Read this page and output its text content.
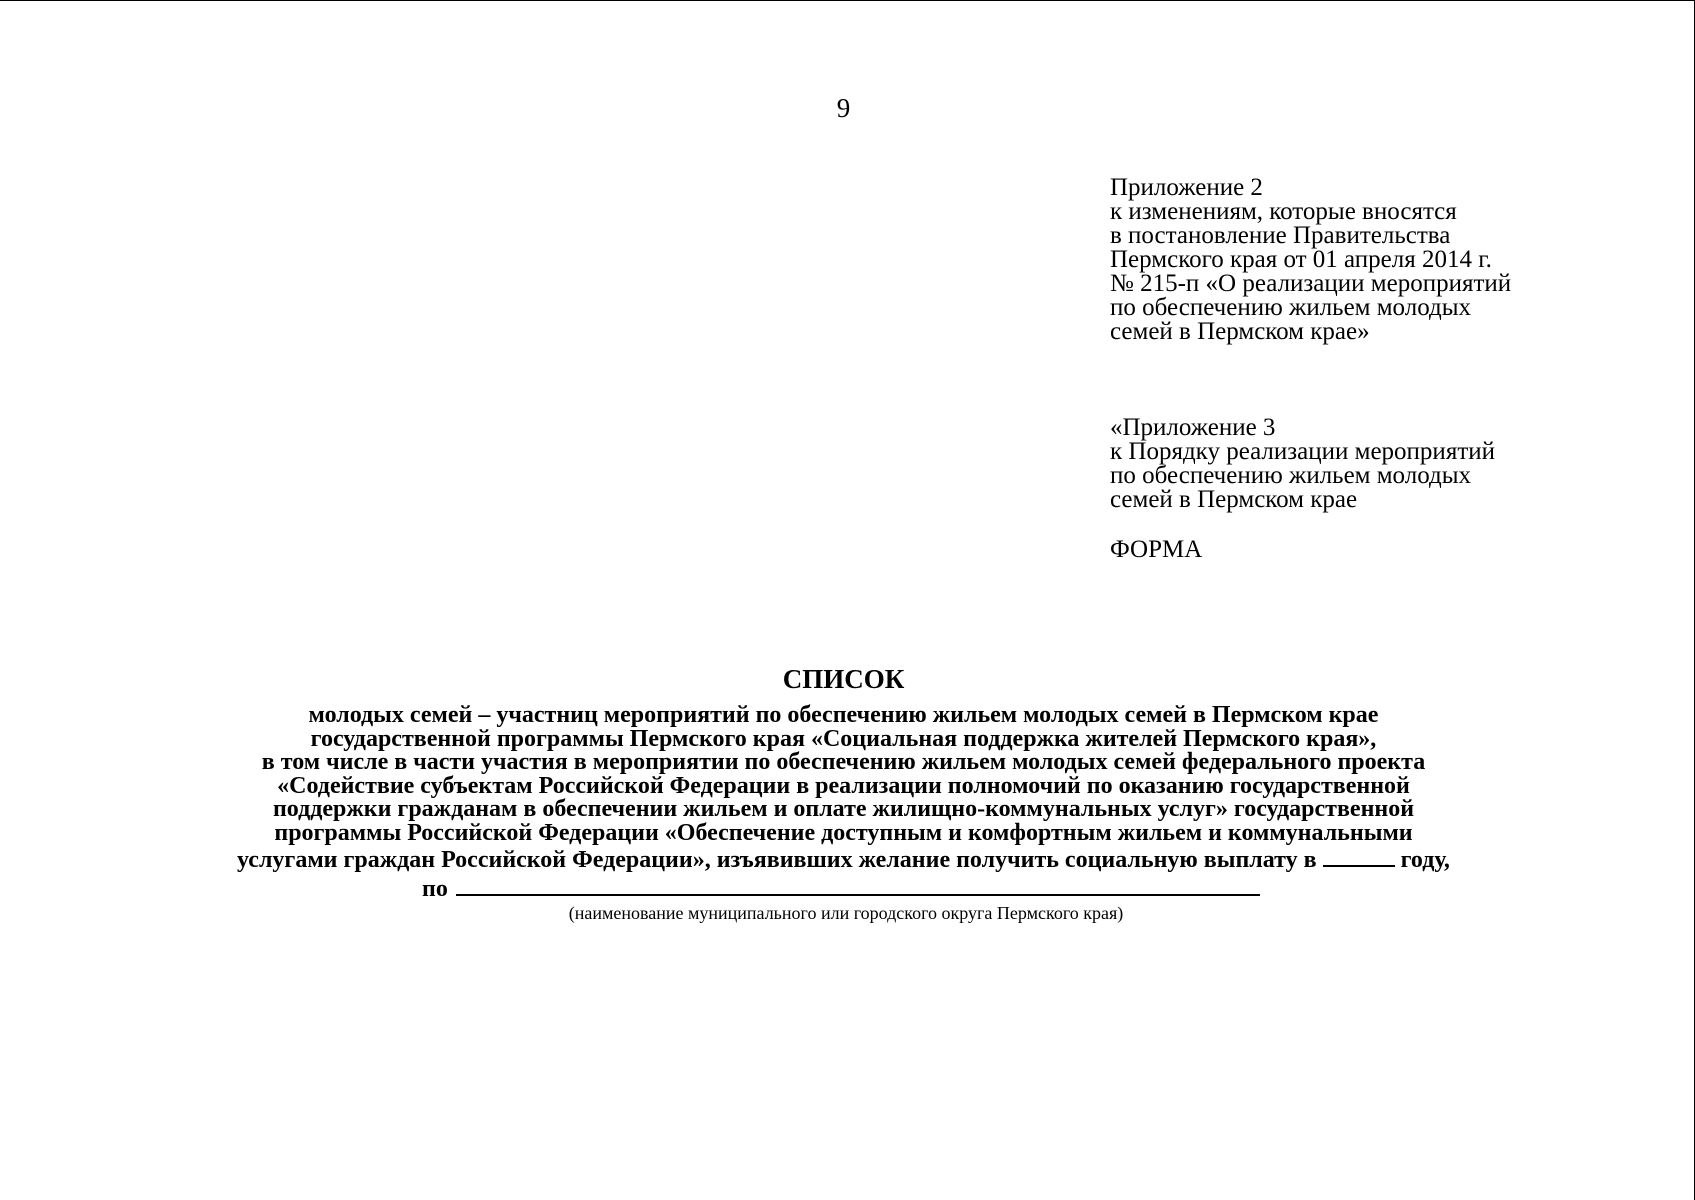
9
Приложение 2
к изменениям, которые вносятся
в постановление Правительства
Пермского края от 01 апреля 2014 г.
№ 215-п «О реализации мероприятий
по обеспечению жильем молодых
семей в Пермском крае»
«Приложение 3
к Порядку реализации мероприятий
по обеспечению жильем молодых
семей в Пермском крае
ФОРМА
СПИСОК
молодых семей – участниц мероприятий по обеспечению жильем молодых семей в Пермском крае
государственной программы Пермского края «Социальная поддержка жителей Пермского края»,
в том числе в части участия в мероприятии по обеспечению жильем молодых семей федерального проекта
«Содействие субъектам Российской Федерации в реализации полномочий по оказанию государственной
поддержки гражданам в обеспечении жильем и оплате жилищно-коммунальных услуг» государственной
программы Российской Федерации «Обеспечение доступным и комфортным жильем и коммунальными
услугами граждан Российской Федерации», изъявивших желание получить социальную выплату в	году,
по
(наименование муниципального или городского округа Пермского края)
